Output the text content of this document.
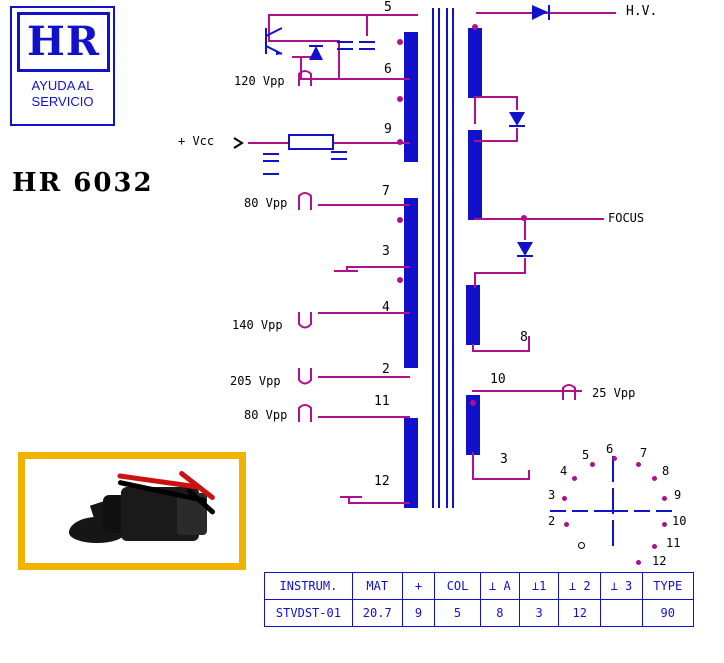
HR
AYUDA AL
SERVICIO
HR 6032
5
6
120 Vpp
+ Vcc
9
80 Vpp
7
3
140 Vpp
4
205 Vpp
2
80 Vpp
11
12
H.V.
FOCUS
8
10
25 Vpp
3
6
5
4
3
2
7
8
9
10
11
12
INSTRUM.	MAT	+	COL	⊥ A	⊥1	⊥ 2	⊥ 3	TYPE
STVDST-01	20.7	9	5	8	3	12		90
